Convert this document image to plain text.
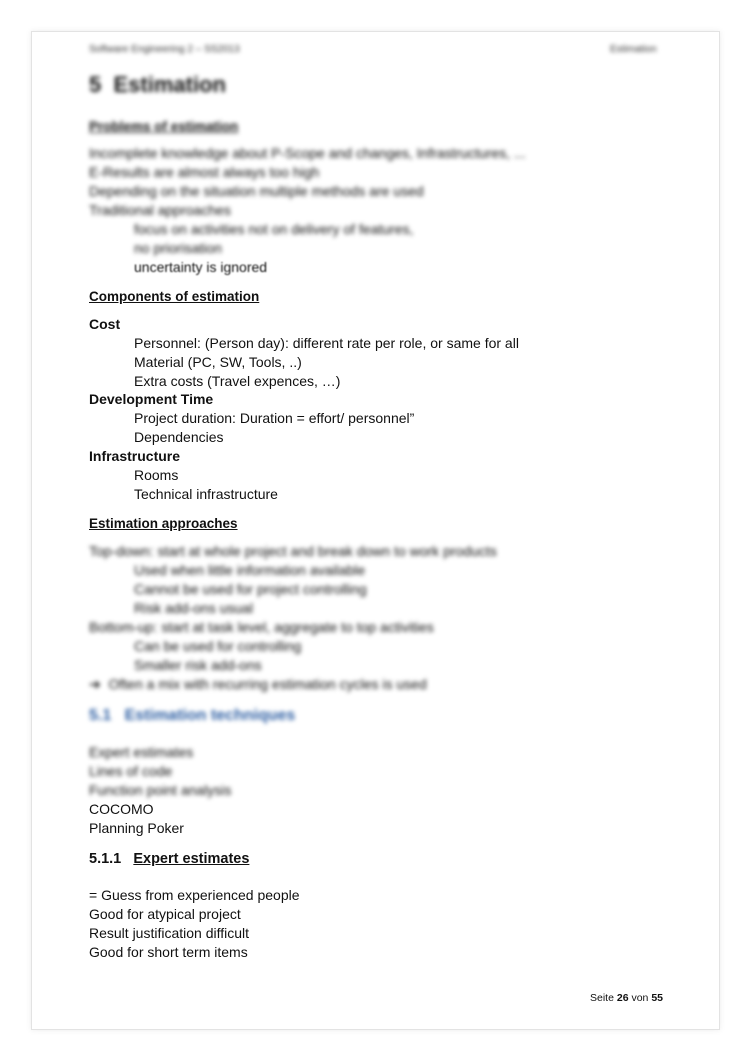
Software Engineering 2 – SS2013	Estimation
5 Estimation
Problems of estimation
Incomplete knowledge about P-Scope and changes, Infrastructures, ...
E-Results are almost always too high
Depending on the situation multiple methods are used
Traditional approaches
focus on activities not on delivery of features,
no priorisation
uncertainty is ignored
Components of estimation
Cost
Personnel: (Person day): different rate per role, or same for all
Material (PC, SW, Tools, ..)
Extra costs (Travel expences, …)
Development Time
Project duration: Duration = effort/ personnel”
Dependencies
Infrastructure
Rooms
Technical infrastructure
Estimation approaches
Top-down: start at whole project and break down to work products
Used when little information available
Cannot be used for project controlling
Risk add-ons usual
Bottom-up: start at task level, aggregate to top activities
Can be used for controlling
Smaller risk add-ons
➔ Often a mix with recurring estimation cycles is used
5.1 Estimation techniques
Expert estimates
Lines of code
Function point analysis
COCOMO
Planning Poker
5.1.1 Expert estimates
= Guess from experienced people
Good for atypical project
Result justification difficult
Good for short term items
Seite 26 von 55
